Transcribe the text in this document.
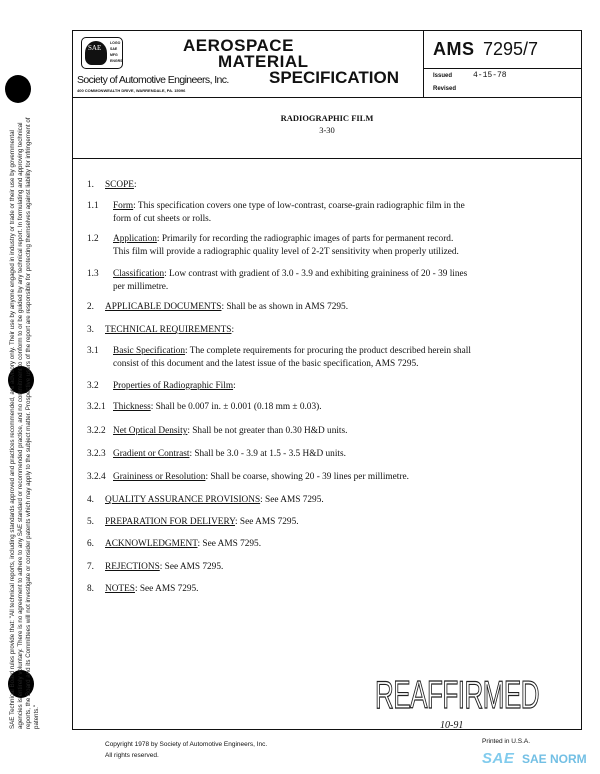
SAE Technical Board rules provide that: "All technical reports, including standards approved and practices recommended, are advisory only. Their use by anyone engaged in industry or trade or their use by governmental agencies is entirely voluntary. There is no agreement to adhere to any SAE standard or recommended practice, and no commitment to conform to or be guided by any technical report. In formulating and approving technical reports, the Board and its Committees will not investigate or consider patents which may apply to the subject matter. Prospective users of the report are responsible for protecting themselves against liability for infringement of patents."
SAE
LOGO
SAE
MFG
ENGRS
AEROSPACE
MATERIAL
SPECIFICATION
Society of Automotive Engineers, Inc.
400 COMMONWEALTH DRIVE, WARRENDALE, PA. 15096
AMS 7295/7
Issued	4-15-78
Revised
RADIOGRAPHIC FILM
3-30
1. SCOPE:
1.1 Form: This specification covers one type of low-contrast, coarse-grain radiographic film in the
form of cut sheets or rolls.
1.2 Application: Primarily for recording the radiographic images of parts for permanent record.
This film will provide a radiographic quality level of 2-2T sensitivity when properly utilized.
1.3 Classification: Low contrast with gradient of 3.0 - 3.9 and exhibiting graininess of 20 - 39 lines
per millimetre.
2. APPLICABLE DOCUMENTS: Shall be as shown in AMS 7295.
3. TECHNICAL REQUIREMENTS:
3.1 Basic Specification: The complete requirements for procuring the product described herein shall
consist of this document and the latest issue of the basic specification, AMS 7295.
3.2 Properties of Radiographic Film:
3.2.1 Thickness: Shall be 0.007 in. ± 0.001 (0.18 mm ± 0.03).
3.2.2 Net Optical Density: Shall be not greater than 0.30 H&D units.
3.2.3 Gradient or Contrast: Shall be 3.0 - 3.9 at 1.5 - 3.5 H&D units.
3.2.4 Graininess or Resolution: Shall be coarse, showing 20 - 39 lines per millimetre.
4. QUALITY ASSURANCE PROVISIONS: See AMS 7295.
5. PREPARATION FOR DELIVERY: See AMS 7295.
6. ACKNOWLEDGMENT: See AMS 7295.
7. REJECTIONS: See AMS 7295.
8. NOTES: See AMS 7295.
REAFFIRMED
10-91
Copyright 1978 by Society of Automotive Engineers, Inc.
All rights reserved.
Printed in U.S.A.
SAE SAE NORM
